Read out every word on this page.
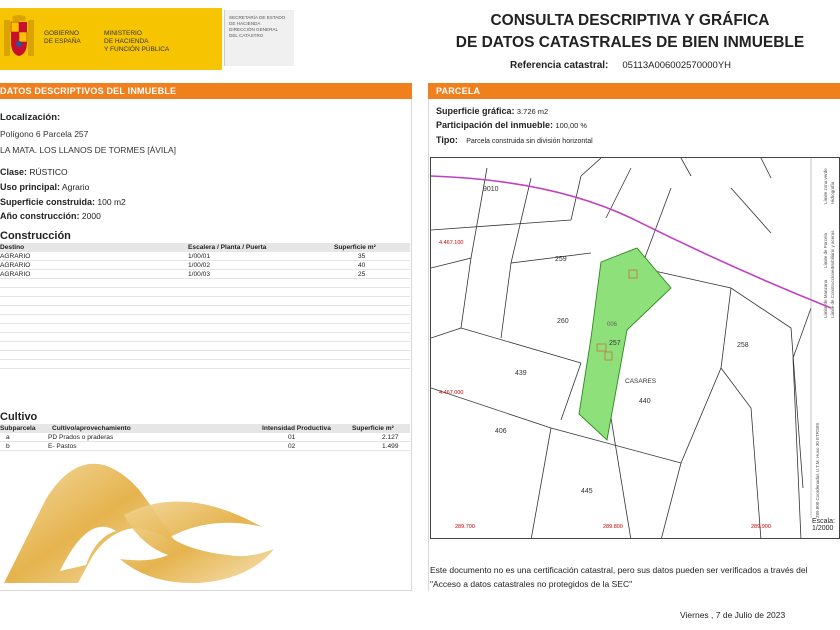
GOBIERNO
DE ESPAÑA
MINISTERIO
DE HACIENDA
Y FUNCIÓN PÚBLICA
SECRETARÍA DE ESTADO
DE HACIENDA
DIRECCIÓN GENERAL
DEL CATASTRO
CONSULTA DESCRIPTIVA Y GRÁFICA
DE DATOS CATASTRALES DE BIEN INMUEBLE
Referencia catastral: 05113A006002570000YH
DATOS DESCRIPTIVOS DEL INMUEBLE
Localización:
Polígono 6 Parcela 257
LA MATA. LOS LLANOS DE TORMES [ÁVILA]
Clase: RÚSTICO
Uso principal: Agrario
Superficie construida: 100 m2
Año construcción: 2000
Construcción
Destino	Escalera / Planta / Puerta	Superficie m²
AGRARIO	1/00/01	35
AGRARIO	1/00/02	40
AGRARIO	1/00/03	25
Cultivo
Subparcela Cultivo/aprovechamiento	Intensidad Productiva	Superficie m²
a	PD Prados o praderas	01	2.127
b	E- Pastos	02	1.499
PARCELA
Superficie gráfica: 3.726 m2
Participación del inmueble: 100,00 %
Tipo: Parcela construida sin división horizontal
9010
259
260
257
006
258
439
440
406
445
CASARES
4.467.100
4.467.000
289.700	289.800	289.900
289.800 Coordenadas U.T.M. Huso 30 ETRS89
Límite de Manzana
Límite de Parcela
Límite de Construcciones
Mobiliario y aceras
Límite zona verde Hidrografía
Escala:
1/2000
Este documento no es una certificación catastral, pero sus datos pueden ser verificados a través del "Acceso a datos catastrales no protegidos de la SEC"
Viernes , 7 de Julio de 2023
